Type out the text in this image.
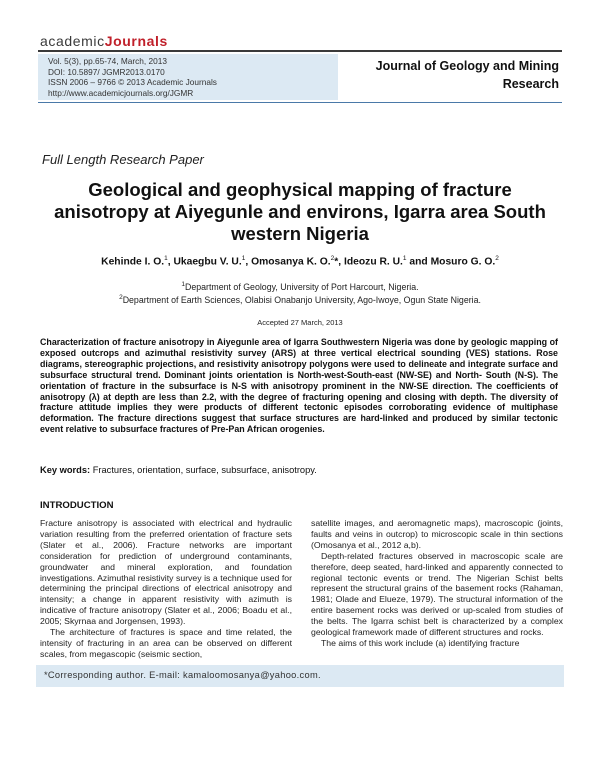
academicJournals
Vol. 5(3), pp.65-74, March, 2013
DOI: 10.5897/ JGMR2013.0170
ISSN 2006 – 9766 © 2013 Academic Journals
http://www.academicjournals.org/JGMR
Journal of Geology and Mining Research
Full Length Research Paper
Geological and geophysical mapping of fracture anisotropy at Aiyegunle and environs, Igarra area South western Nigeria
Kehinde I. O.$^1$, Ukaegbu V. U.$^1$, Omosanya K. O.$^2$*, Ideozu R. U.$^1$ and Mosuro G. O.$^2$
$^1$Department of Geology, University of Port Harcourt, Nigeria.
$^2$Department of Earth Sciences, Olabisi Onabanjo University, Ago-Iwoye, Ogun State Nigeria.
Accepted 27 March, 2013
Characterization of fracture anisotropy in Aiyegunle area of Igarra Southwestern Nigeria was done by geologic mapping of exposed outcrops and azimuthal resistivity survey (ARS) at three vertical electrical sounding (VES) stations. Rose diagrams, stereographic projections, and resistivity anisotropy polygons were used to delineate and integrate surface and subsurface structural trend. Dominant joints orientation is North-west-South-east (NW-SE) and North- South (N-S). The orientation of fracture in the subsurface is N-S with anisotropy prominent in the NW-SE direction. The coefficients of anisotropy (λ) at depth are less than 2.2, with the degree of fracturing opening and closing with depth. The diversity of fracture attitude implies they were products of different tectonic episodes corroborating evidence of multiphase deformation. The fracture directions suggest that surface structures are hard-linked and produced by similar tectonic event relative to subsurface fractures of Pre-Pan African orogenies.
Key words: Fractures, orientation, surface, subsurface, anisotropy.
INTRODUCTION

Fracture anisotropy is associated with electrical and hydraulic variation resulting from the preferred orientation of fracture sets (Slater et al., 2006). Fracture networks are important consideration for prediction of underground contaminants, groundwater and mineral exploration, and foundation investigations. Azimuthal resistivity survey is a technique used for determining the principal directions of electrical anisotropy and intensity; a change in apparent resistivity with azimuth is indicative of fracture anisotropy (Slater et al., 2006; Boadu et al., 2005; Skyrnaa and Jorgensen, 1993).

The architecture of fractures is space and time related, the intensity of fracturing in an area can be observed on different scales, from megascopic (seismic section,

satellite images, and aeromagnetic maps), macroscopic (joints, faults and veins in outcrop) to microscopic scale in thin sections (Omosanya et al., 2012 a,b).

Depth-related fractures observed in macroscopic scale are therefore, deep seated, hard-linked and apparently connected to regional tectonic events or trend. The Nigerian Schist belts represent the structural grains of the basement rocks (Rahaman, 1981; Olade and Elueze, 1979). The structural information of the entire basement rocks was derived or up-scaled from studies of the belts. The Igarra schist belt is characterized by a complex geological framework made of different structures and rocks.

The aims of this work include (a) identifying fracture

*Corresponding author. E-mail: kamaloomosanya@yahoo.com.
